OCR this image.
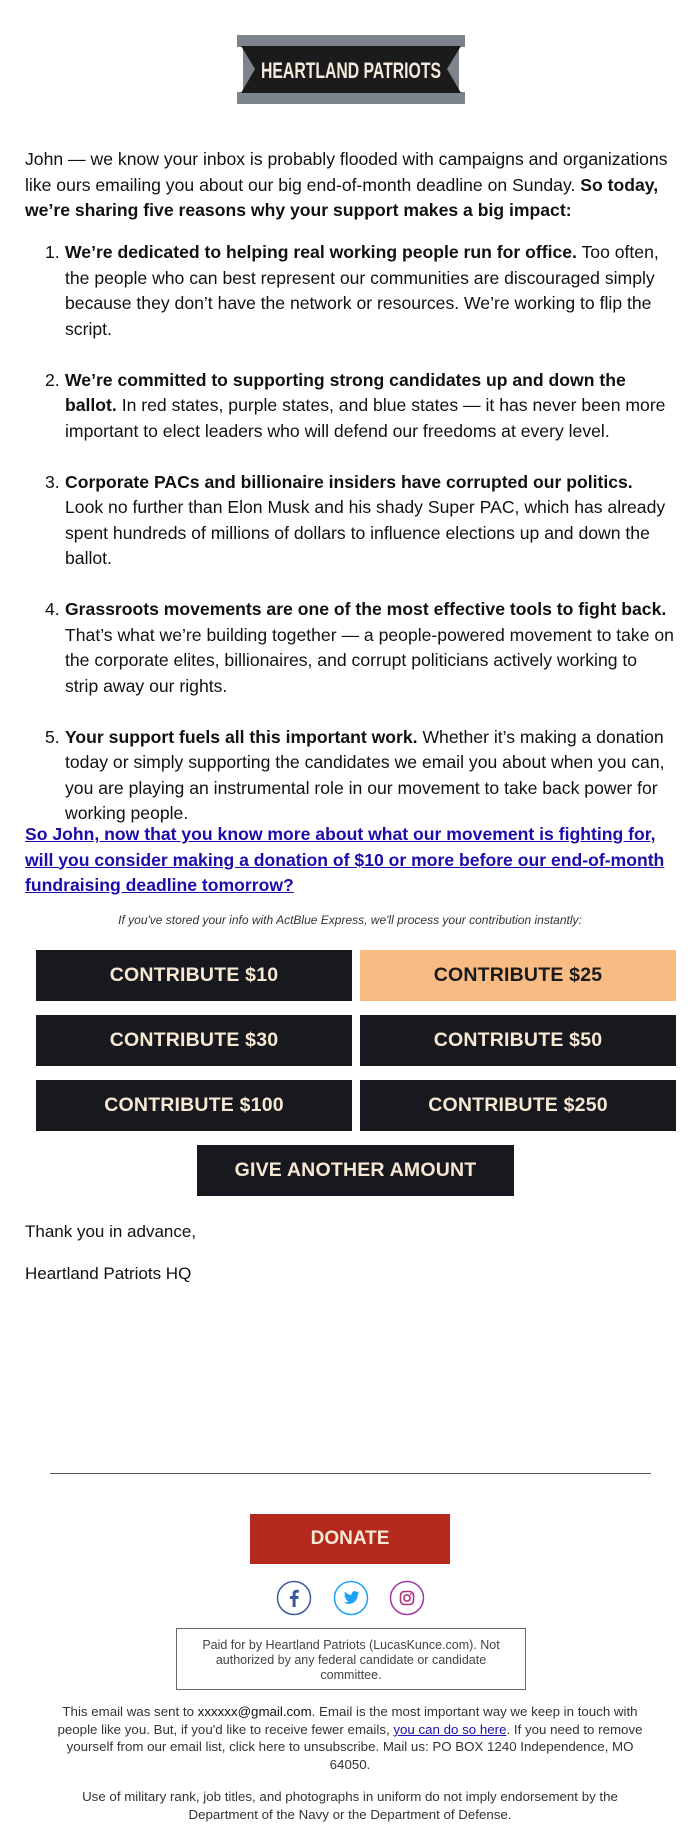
HEARTLAND PATRIOTS

John — we know your inbox is probably flooded with campaigns and organizations like ours emailing you about our big end-of-month deadline on Sunday. So today, we’re sharing five reasons why your support makes a big impact:

1. We’re dedicated to helping real working people run for office. Too often, the people who can best represent our communities are discouraged simply because they don’t have the network or resources. We’re working to flip the script.
2. We’re committed to supporting strong candidates up and down the ballot. In red states, purple states, and blue states — it has never been more important to elect leaders who will defend our freedoms at every level.
3. Corporate PACs and billionaire insiders have corrupted our politics. Look no further than Elon Musk and his shady Super PAC, which has already spent hundreds of millions of dollars to influence elections up and down the ballot.
4. Grassroots movements are one of the most effective tools to fight back. That’s what we’re building together — a people-powered movement to take on the corporate elites, billionaires, and corrupt politicians actively working to strip away our rights.
5. Your support fuels all this important work. Whether it’s making a donation today or simply supporting the candidates we email you about when you can, you are playing an instrumental role in our movement to take back power for working people.
So John, now that you know more about what our movement is fighting for, will you consider making a donation of $10 or more before our end-of-month fundraising deadline tomorrow?

If you've stored your info with ActBlue Express, we'll process your contribution instantly:

CONTRIBUTE $10	CONTRIBUTE $25
CONTRIBUTE $30	CONTRIBUTE $50
CONTRIBUTE $100	CONTRIBUTE $250
GIVE ANOTHER AMOUNT

Thank you in advance,

Heartland Patriots HQ

DONATE
Paid for by Heartland Patriots (LucasKunce.com). Not authorized by any federal candidate or candidate committee.

This email was sent to xxxxxx@gmail.com. Email is the most important way we keep in touch with people like you. But, if you'd like to receive fewer emails, you can do so here. If you need to remove yourself from our email list, click here to unsubscribe. Mail us: PO BOX 1240 Independence, MO 64050.

Use of military rank, job titles, and photographs in uniform do not imply endorsement by the Department of the Navy or the Department of Defense.
